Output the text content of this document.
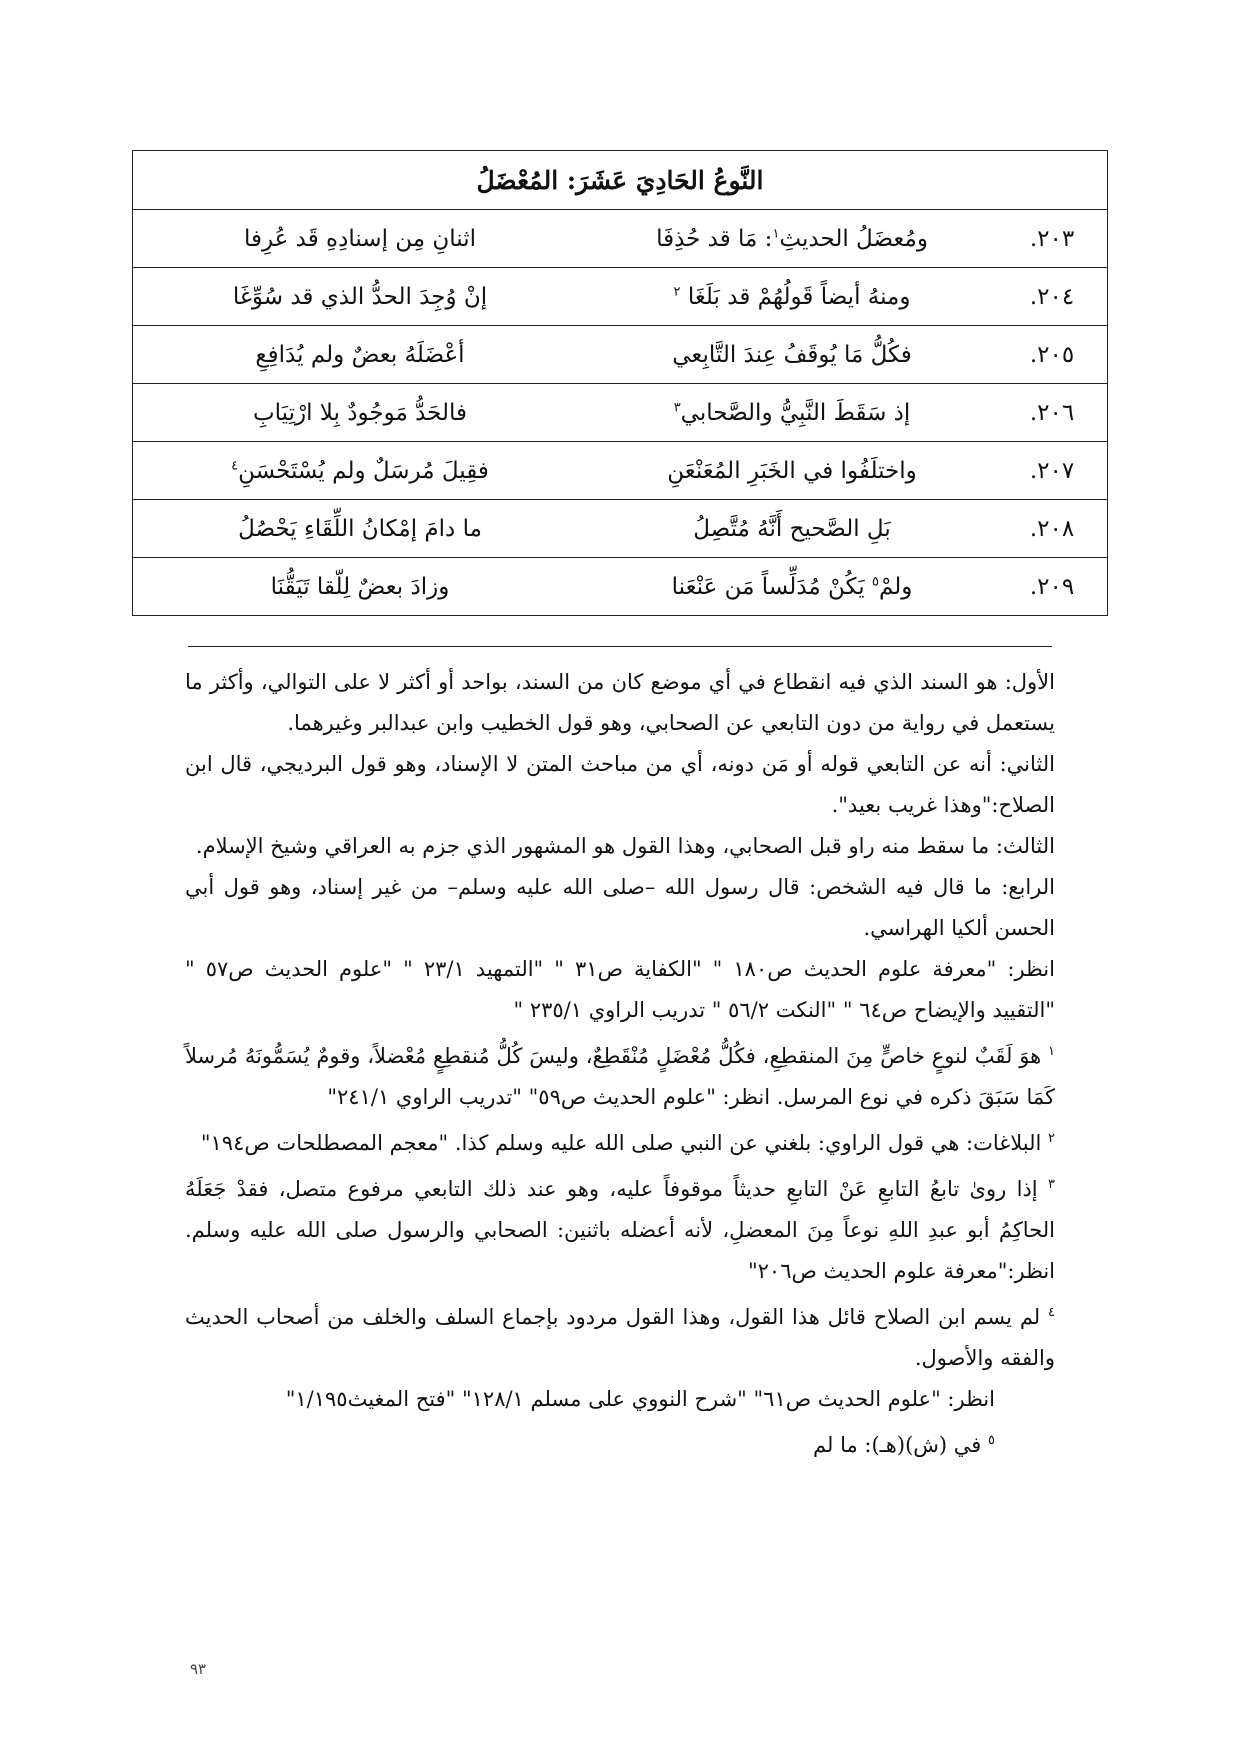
النَّوعُ الحَادِيَ عَشَرَ: المُعْضَلُ		
٢٠٣.	ومُعضَلُ الحديثِ$^١$: مَا قد حُذِفَا	اثنانِ مِن إسنادِهِ قَد عُرِفا
٢٠٤.	ومنهُ أيضاً قَولُهُمْ قد بَلَغَا $^٢$	إنْ وُجِدَ الحدُّ الذي قد سُوِّغَا
٢٠٥.	فكُلُّ مَا يُوقَفُ عِندَ التَّابِعي	أعْضَلَهُ بعضٌ ولم يُدَافِعِ
٢٠٦.	إذ سَقَطَ النَّبِيُّ والصَّحابي$^٣$	فالحَدُّ مَوجُودٌ بِلا ارْتِيَابِ
٢٠٧.	واختلَفُوا في الخَبَرِ المُعَنْعَنِ	فقِيلَ مُرسَلٌ ولم يُسْتَحْسَنِ$^٤$
٢٠٨.	بَلِ الصَّحيح أَنَّهُ مُتَّصِلُ	ما دامَ إمْكانُ اللِّقَاءِ يَحْصُلُ
٢٠٩.	ولمْ$^٥$ يَكُنْ مُدَلِّساً مَن عَنْعَنا	وزادَ بعضٌ لِلّقا تَيَقُّنَا

الأول: هو السند الذي فيه انقطاع في أي موضع كان من السند، بواحد أو أكثر لا على التوالي، وأكثر ما يستعمل في رواية من دون التابعي عن الصحابي، وهو قول الخطيب وابن عبدالبر وغيرهما.

الثاني: أنه عن التابعي قوله أو مَن دونه، أي من مباحث المتن لا الإسناد، وهو قول البرديجي، قال ابن الصلاح:"وهذا غريب بعيد".

الثالث: ما سقط منه راو قبل الصحابي، وهذا القول هو المشهور الذي جزم به العراقي وشيخ الإسلام.

الرابع: ما قال فيه الشخص: قال رسول الله –صلى الله عليه وسلم– من غير إسناد، وهو قول أبي الحسن ألكيا الهراسي.

انظر: "معرفة علوم الحديث ص١٨٠ " "الكفاية ص٣١ " "التمهيد ٢٣/١ " "علوم الحديث ص٥٧ " "التقييد والإيضاح ص٦٤ " "النكت ٥٦/٢ " تدريب الراوي ٢٣٥/١ "

$^١$ هوَ لَقَبٌ لنوعٍ خاصٍّ مِنَ المنقطِعِ، فكُلُّ مُعْضَلٍ مُنْقَطِعٌ، وليسَ كُلُّ مُنقطِعٍ مُعْضلاً، وقومٌ يُسَمُّونَهُ مُرسلاً كَمَا سَبَقَ ذكره في نوع المرسل. انظر: "علوم الحديث ص٥٩" "تدريب الراوي ٢٤١/١"

$^٢$ البلاغات: هي قول الراوي: بلغني عن النبي صلى الله عليه وسلم كذا. "معجم المصطلحات ص١٩٤"

$^٣$ إذا روىٰ تابعُ التابعِ عَنْ التابعِ حديثاً موقوفاً عليه، وهو عند ذلك التابعي مرفوع متصل، فقدْ جَعَلَهُ الحاكِمُ أبو عبدِ اللهِ نوعاً مِنَ المعضلِ، لأنه أعضله باثنين: الصحابي والرسول صلى الله عليه وسلم. انظر:"معرفة علوم الحديث ص٢٠٦"

$^٤$ لم يسم ابن الصلاح قائل هذا القول، وهذا القول مردود بإجماع السلف والخلف من أصحاب الحديث والفقه والأصول.

انظر: "علوم الحديث ص٦١" "شرح النووي على مسلم ١٢٨/١" "فتح المغيث١/١٩٥"

$^٥$ في (ش)(هـ): ما لم

٩٣
